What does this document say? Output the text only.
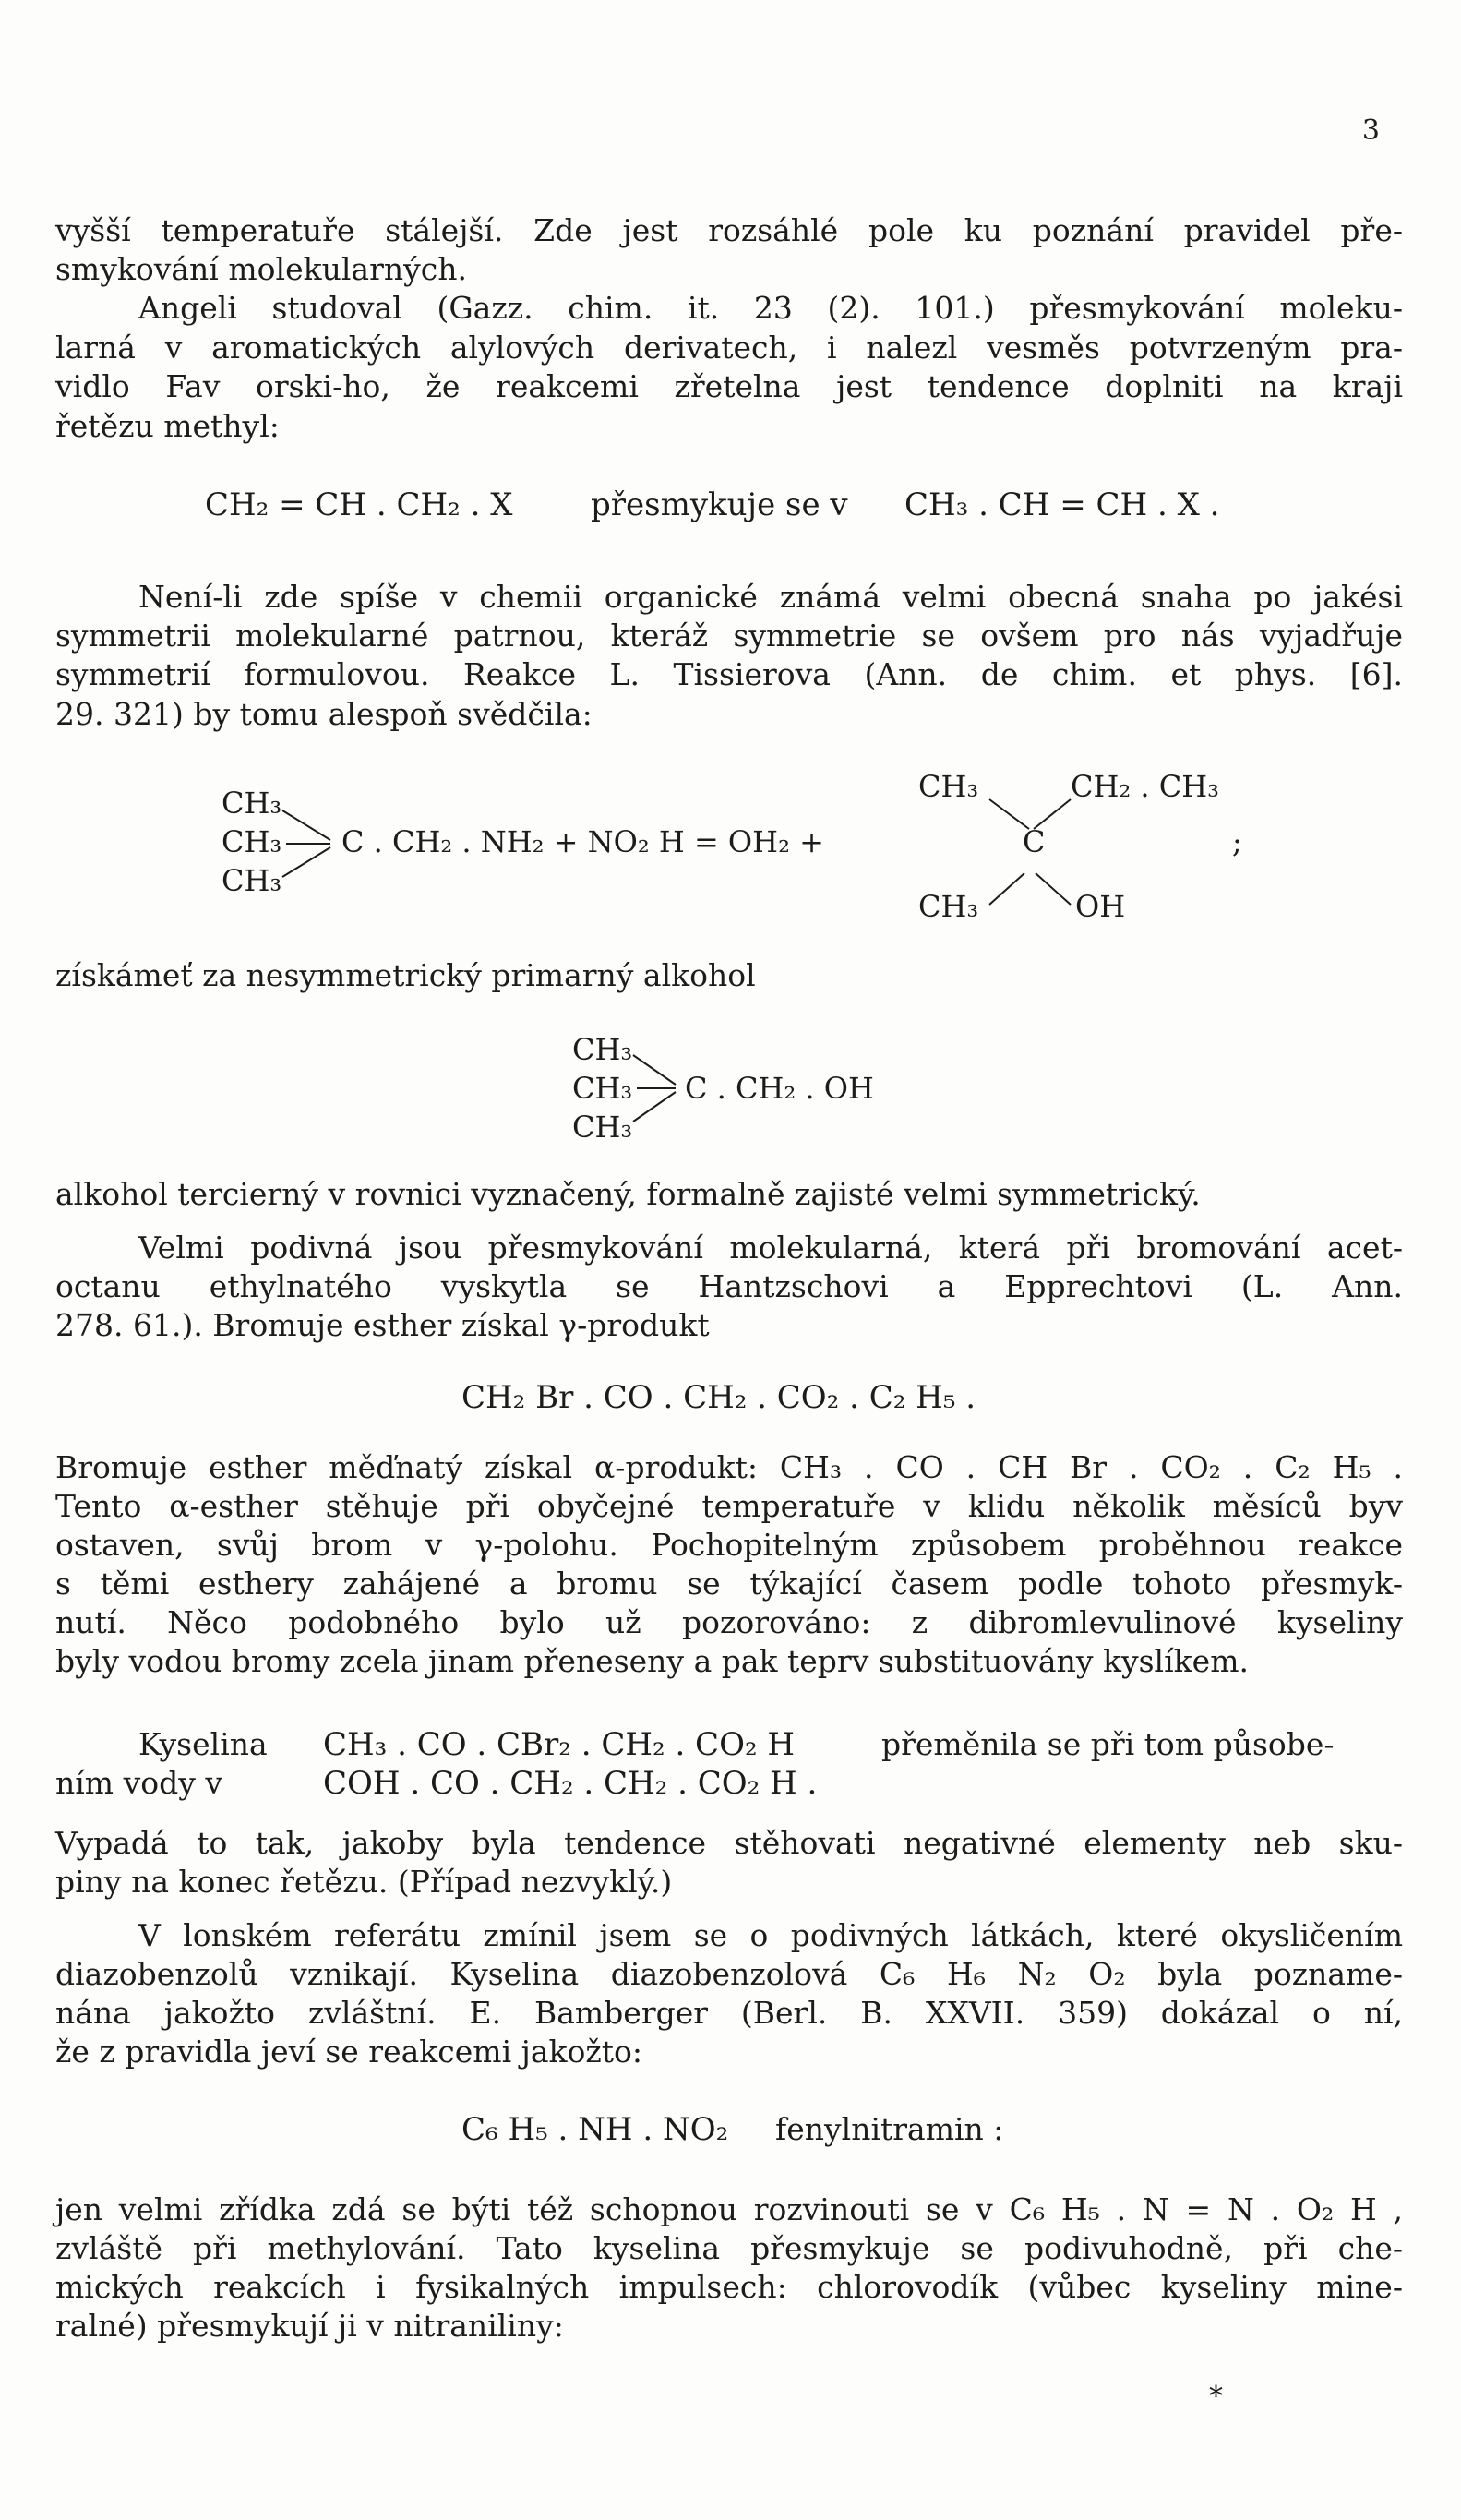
3
vyšší temperatuře stálejší. Zde jest rozsáhlé pole ku poznání pravidel pře-
smykování molekularných.
Angeli studoval (Gazz. chim. it. 23 (2). 101.) přesmykování moleku-
larná v aromatických alylových derivatech, i nalezl vesměs potvrzeným pra-
vidlo Fav orski-ho, že reakcemi zřetelna jest tendence doplniti na kraji
řetězu methyl:
CH₂ = CH . CH₂ . X přesmykuje se v CH₃ . CH = CH . X .
Není-li zde spíše v chemii organické známá velmi obecná snaha po jakési
symmetrii molekularné patrnou, kteráž symmetrie se ovšem pro nás vyjadřuje
symmetrií formulovou. Reakce L. Tissierova (Ann. de chim. et phys. [6].
29. 321) by tomu alespoň svědčila:
CH₃
CH₃
CH₃
C . CH₂ . NH₂ + NO₂ H = OH₂ +
CH₃	CH₂ . CH₃
C
CH₃	OH
;
získámeť za nesymmetrický primarný alkohol
CH₃
CH₃
CH₃
C . CH₂ . OH
alkohol tercierný v rovnici vyznačený, formalně zajisté velmi symmetrický.
Velmi podivná jsou přesmykování molekularná, která při bromování acet-
octanu ethylnatého vyskytla se Hantzschovi a Epprechtovi (L. Ann.
278. 61.). Bromuje esther získal γ-produkt
CH₂ Br . CO . CH₂ . CO₂ . C₂ H₅ .
Bromuje esther měďnatý získal α-produkt: CH₃ . CO . CH Br . CO₂ . C₂ H₅ .
Tento α-esther stěhuje při obyčejné temperatuře v klidu několik měsíců byv
ostaven, svůj brom v γ-polohu. Pochopitelným způsobem proběhnou reakce
s těmi esthery zahájené a bromu se týkající časem podle tohoto přesmyk-
nutí. Něco podobného bylo už pozorováno: z dibromlevulinové kyseliny
byly vodou bromy zcela jinam přeneseny a pak teprv substituovány kyslíkem.
Kyselina CH₃ . CO . CBr₂ . CH₂ . CO₂ H	přeměnila se při tom působe-
ním vody v	COH . CO . CH₂ . CH₂ . CO₂ H .
Vypadá to tak, jakoby byla tendence stěhovati negativné elementy neb sku-
piny na konec řetězu. (Případ nezvyklý.)
V lonském referátu zmínil jsem se o podivných látkách, které okysličením
diazobenzolů vznikají. Kyselina diazobenzolová C₆ H₆ N₂ O₂ byla poznamе-
nána jakožto zvláštní. E. Bamberger (Berl. B. XXVII. 359) dokázal o ní,
že z pravidla jeví se reakcemi jakožto:
C₆ H₅ . NH . NO₂ fenylnitramin :
jen velmi zřídka zdá se býti též schopnou rozvinouti se v C₆ H₅ . N = N . O₂ H ,
zvláště při methylování. Tato kyselina přesmykuje se podivuhodně, při che-
mických reakcích i fysikalných impulsech: chlorovodík (vůbec kyseliny mine-
ralné) přesmykují ji v nitraniliny:
*
